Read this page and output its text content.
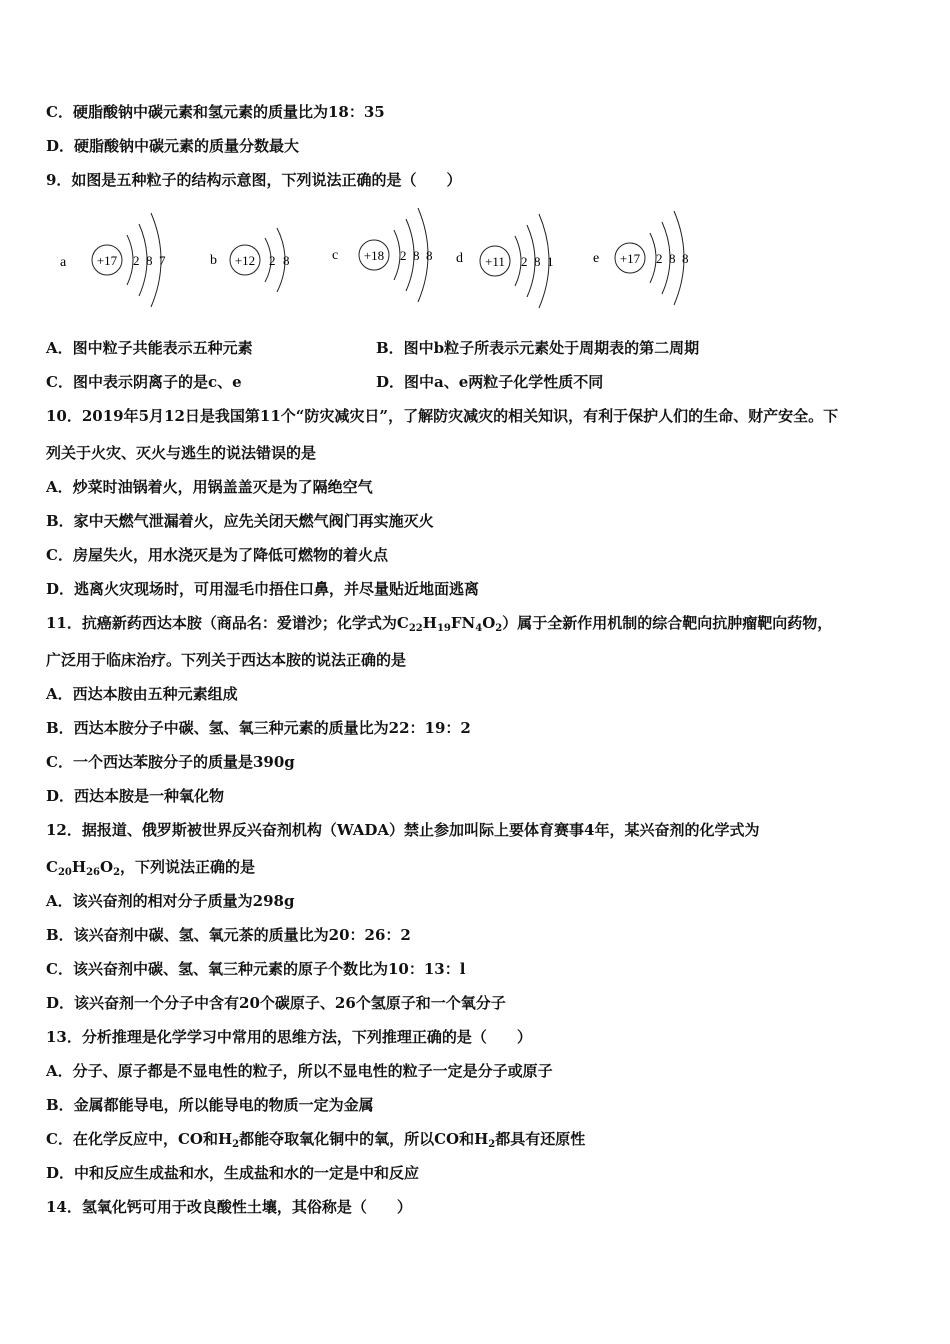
C．硬脂酸钠中碳元素和氢元素的质量比为18：35
D．硬脂酸钠中碳元素的质量分数最大
9．如图是五种粒子的结构示意图，下列说法正确的是（　　）
a +17 2 8 7	b +12 2 8	c +18 2 8 8 d +11 2 8 1	e +17 2 8 8
A．图中粒子共能表示五种元素	B．图中b粒子所表示元素处于周期表的第二周期
C．图中表示阴离子的是c、e	D．图中a、e两粒子化学性质不同
10．2019年5月12日是我国第11个“防灾减灾日”，了解防灾减灾的相关知识，有利于保护人们的生命、财产安全。下
列关于火灾、灭火与逃生的说法错误的是
A．炒菜时油锅着火，用锅盖盖灭是为了隔绝空气
B．家中天燃气泄漏着火，应先关闭天燃气阀门再实施灭火
C．房屋失火，用水浇灭是为了降低可燃物的着火点
D．逃离火灾现场时，可用湿毛巾捂住口鼻，并尽量贴近地面逃离
11．抗癌新药西达本胺（商品名：爱谱沙；化学式为$C_{22}H_{19}FN_4O_2$）属于全新作用机制的综合靶向抗肿瘤靶向药物，
广泛用于临床治疗。下列关于西达本胺的说法正确的是
A．西达本胺由五种元素组成
B．西达本胺分子中碳、氢、氧三种元素的质量比为22：19：2
C．一个西达苯胺分子的质量是390g
D．西达本胺是一种氧化物
12．据报道、俄罗斯被世界反兴奋剂机构（WADA）禁止参加叫际上要体育赛事4年，某兴奋剂的化学式为
$C_{20}H_{26}O_2$，下列说法正确的是
A．该兴奋剂的相对分子质量为298g
B．该兴奋剂中碳、氢、氧元茶的质量比为20：26：2
C．该兴奋剂中碳、氢、氧三种元素的原子个数比为10：13：l
D．该兴奋剂一个分子中含有20个碳原子、26个氢原子和一个氧分子
13．分析推理是化学学习中常用的思维方法，下列推理正确的是（　　）
A．分子、原子都是不显电性的粒子，所以不显电性的粒子一定是分子或原子
B．金属都能导电，所以能导电的物质一定为金属
C．在化学反应中，CO和$H_2$都能夺取氧化铜中的氧，所以CO和$H_2$都具有还原性
D．中和反应生成盐和水，生成盐和水的一定是中和反应
14．氢氧化钙可用于改良酸性土壤，其俗称是（　　）
